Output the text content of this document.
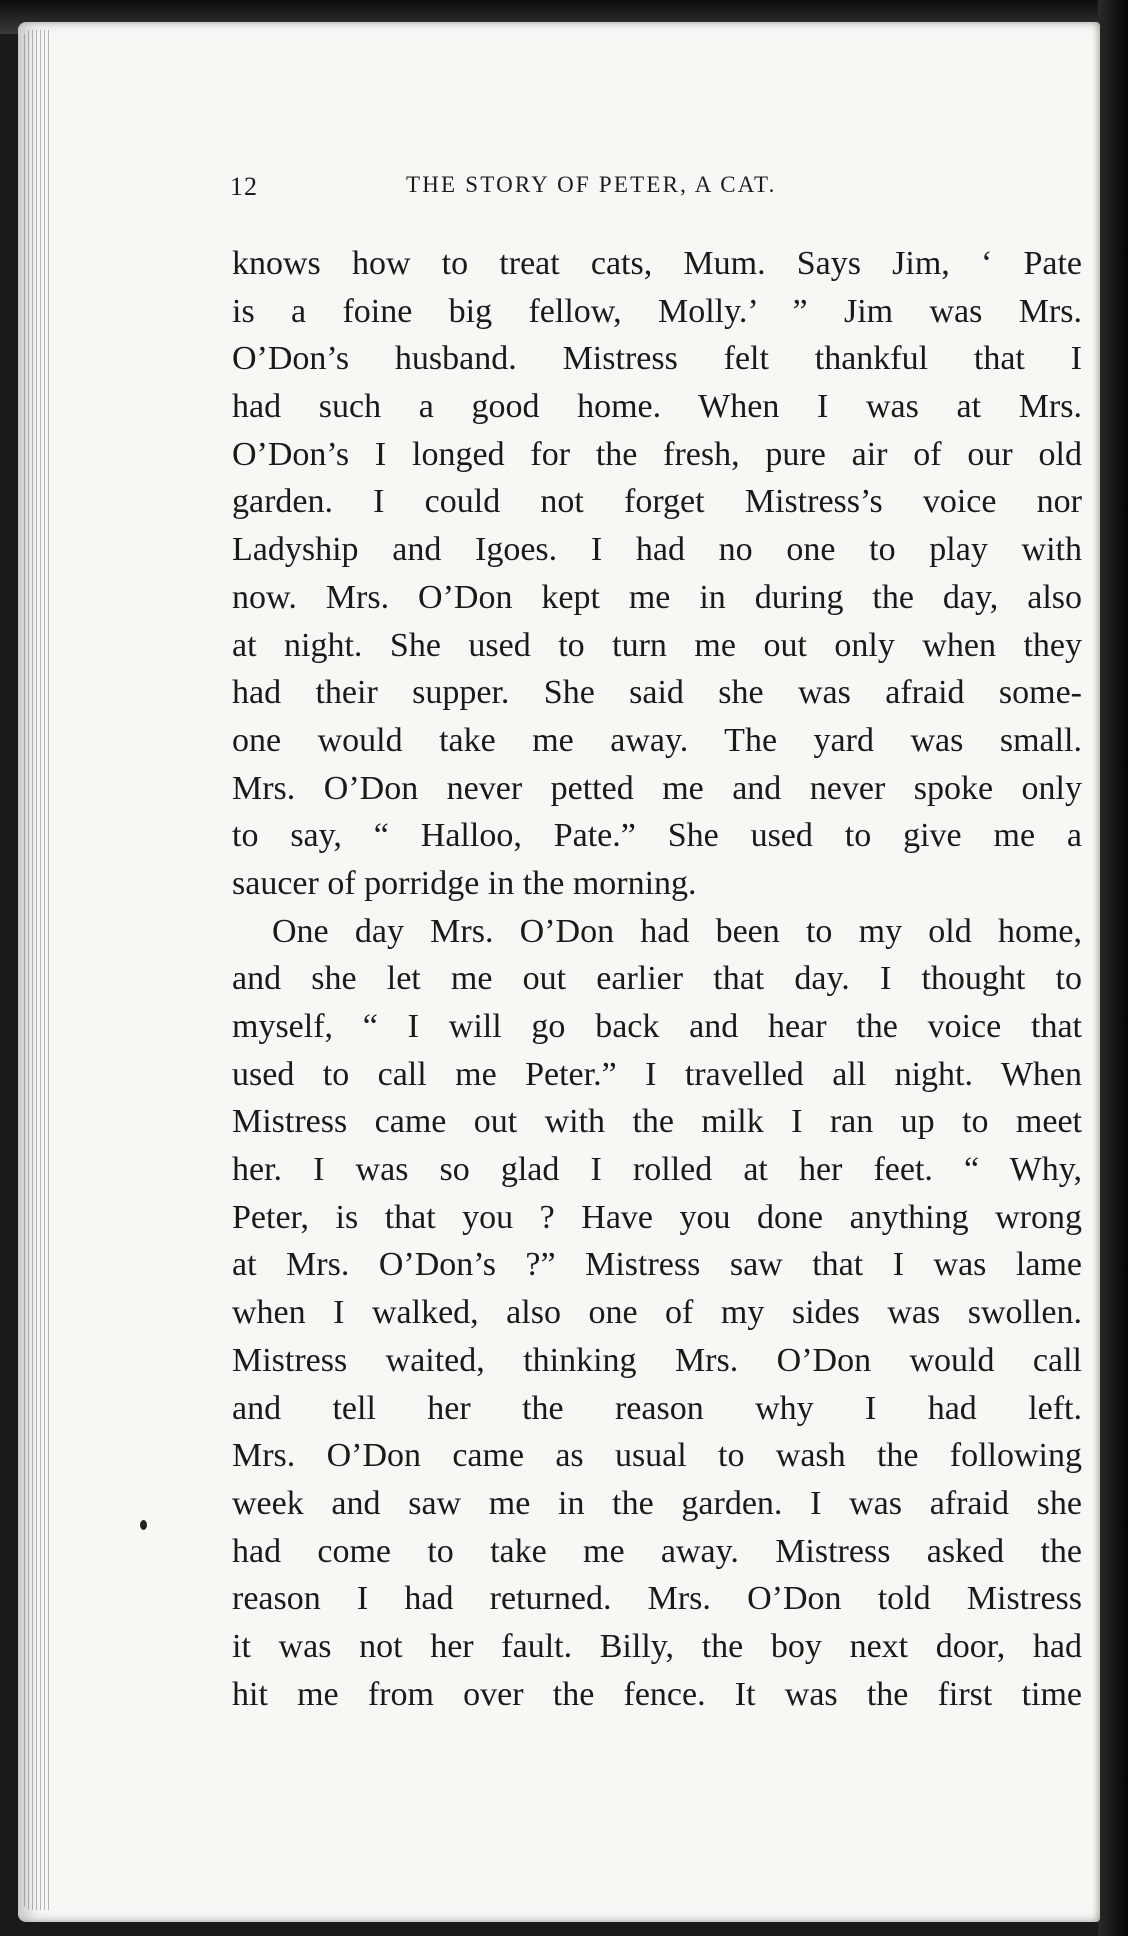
12	THE STORY OF PETER, A CAT.
knows how to treat cats, Mum. Says Jim, ‘ Pate
is a foine big fellow, Molly.’ ” Jim was Mrs.
O’Don’s husband. Mistress felt thankful that I
had such a good home. When I was at Mrs.
O’Don’s I longed for the fresh, pure air of our old
garden. I could not forget Mistress’s voice nor
Ladyship and Igoes. I had no one to play with
now. Mrs. O’Don kept me in during the day, also
at night. She used to turn me out only when they
had their supper. She said she was afraid some-
one would take me away. The yard was small.
Mrs. O’Don never petted me and never spoke only
to say, “ Halloo, Pate.” She used to give me a
saucer of porridge in the morning.
One day Mrs. O’Don had been to my old home,
and she let me out earlier that day. I thought to
myself, “ I will go back and hear the voice that
used to call me Peter.” I travelled all night. When
Mistress came out with the milk I ran up to meet
her. I was so glad I rolled at her feet. “ Why,
Peter, is that you ? Have you done anything wrong
at Mrs. O’Don’s ?” Mistress saw that I was lame
when I walked, also one of my sides was swollen.
Mistress waited, thinking Mrs. O’Don would call
and tell her the reason why I had left.
Mrs. O’Don came as usual to wash the following
week and saw me in the garden. I was afraid she
had come to take me away. Mistress asked the
reason I had returned. Mrs. O’Don told Mistress
it was not her fault. Billy, the boy next door, had
hit me from over the fence. It was the first time
